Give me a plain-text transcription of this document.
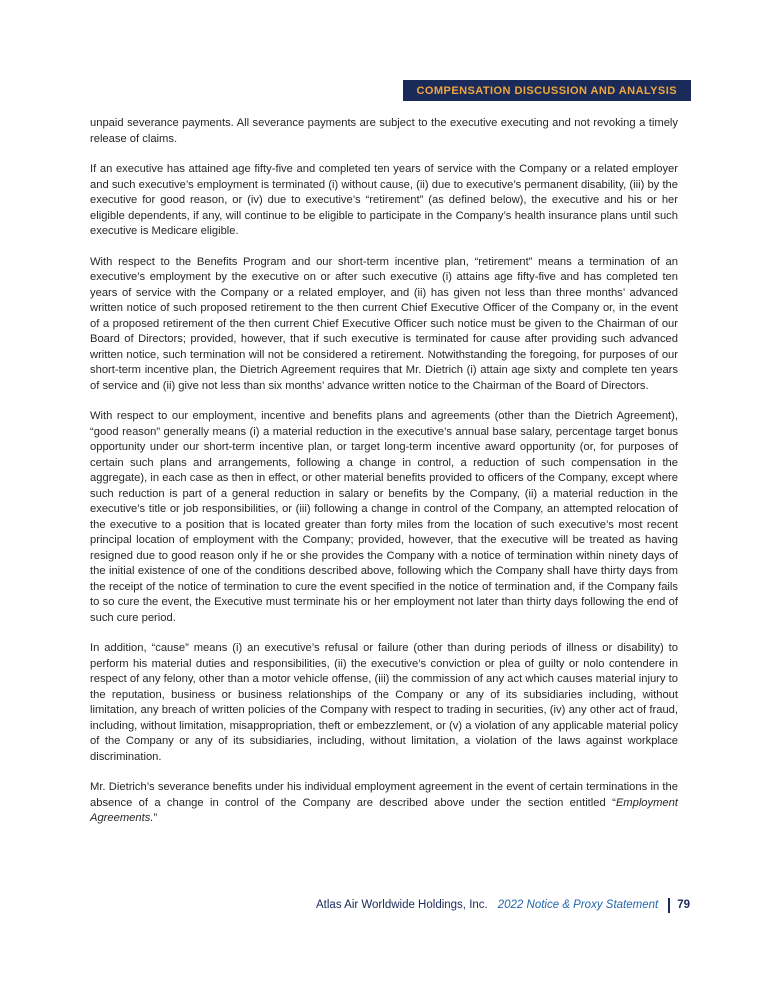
COMPENSATION DISCUSSION AND ANALYSIS

unpaid severance payments. All severance payments are subject to the executive executing and not revoking a timely release of claims.

If an executive has attained age fifty-five and completed ten years of service with the Company or a related employer and such executive’s employment is terminated (i) without cause, (ii) due to executive’s permanent disability, (iii) by the executive for good reason, or (iv) due to executive’s “retirement” (as defined below), the executive and his or her eligible dependents, if any, will continue to be eligible to participate in the Company’s health insurance plans until such executive is Medicare eligible.

With respect to the Benefits Program and our short-term incentive plan, “retirement” means a termination of an executive’s employment by the executive on or after such executive (i) attains age fifty-five and has completed ten years of service with the Company or a related employer, and (ii) has given not less than three months’ advanced written notice of such proposed retirement to the then current Chief Executive Officer of the Company or, in the event of a proposed retirement of the then current Chief Executive Officer such notice must be given to the Chairman of our Board of Directors; provided, however, that if such executive is terminated for cause after providing such advanced written notice, such termination will not be considered a retirement. Notwithstanding the foregoing, for purposes of our short-term incentive plan, the Dietrich Agreement requires that Mr. Dietrich (i) attain age sixty and complete ten years of service and (ii) give not less than six months’ advance written notice to the Chairman of the Board of Directors.

With respect to our employment, incentive and benefits plans and agreements (other than the Dietrich Agreement), “good reason” generally means (i) a material reduction in the executive’s annual base salary, percentage target bonus opportunity under our short-term incentive plan, or target long-term incentive award opportunity (or, for purposes of certain such plans and arrangements, following a change in control, a reduction of such compensation in the aggregate), in each case as then in effect, or other material benefits provided to officers of the Company, except where such reduction is part of a general reduction in salary or benefits by the Company, (ii) a material reduction in the executive’s title or job responsibilities, or (iii) following a change in control of the Company, an attempted relocation of the executive to a position that is located greater than forty miles from the location of such executive’s most recent principal location of employment with the Company; provided, however, that the executive will be treated as having resigned due to good reason only if he or she provides the Company with a notice of termination within ninety days of the initial existence of one of the conditions described above, following which the Company shall have thirty days from the receipt of the notice of termination to cure the event specified in the notice of termination and, if the Company fails to so cure the event, the Executive must terminate his or her employment not later than thirty days following the end of such cure period.

In addition, “cause” means (i) an executive’s refusal or failure (other than during periods of illness or disability) to perform his material duties and responsibilities, (ii) the executive’s conviction or plea of guilty or nolo contendere in respect of any felony, other than a motor vehicle offense, (iii) the commission of any act which causes material injury to the reputation, business or business relationships of the Company or any of its subsidiaries including, without limitation, any breach of written policies of the Company with respect to trading in securities, (iv) any other act of fraud, including, without limitation, misappropriation, theft or embezzlement, or (v) a violation of any applicable material policy of the Company or any of its subsidiaries, including, without limitation, a violation of the laws against workplace discrimination.

Mr. Dietrich’s severance benefits under his individual employment agreement in the event of certain terminations in the absence of a change in control of the Company are described above under the section entitled “Employment Agreements.”

Atlas Air Worldwide Holdings, Inc. 2022 Notice & Proxy Statement 79
